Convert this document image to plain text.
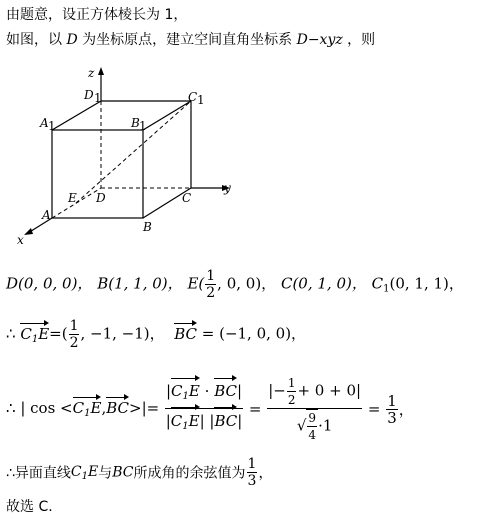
由题意，设正方体棱长为 1，
如图，以 D 为坐标原点，建立空间直角坐标系 D−xyz ，则
z
y
x
D 1	C 1
A 1	B 1
E D	C
A
B
D(0, 0, 0)， B(1, 1, 0)， $E( \frac{1}{2}$ , 0, 0)， C(0, 1, 0)， $C_1(0$, 1, 1)，
∴ $C_1E=( \frac{1}{2}$ , −1, −1)， BC = (−1, 0, 0)，
∴ | $\cos <C_1E,BC>|= \frac{|C_1E \cdot BC|}{|C_1E| |BC|} = \frac{|- \frac{1}{2} + 0 + 0|}{√ \frac{9}{4} \cdot 1} = \frac{1}{3}$ ，
∴异面直线$C_1E$与BC所成角的余弦值为 $\frac{1}{3}$ ，
故选 C.
